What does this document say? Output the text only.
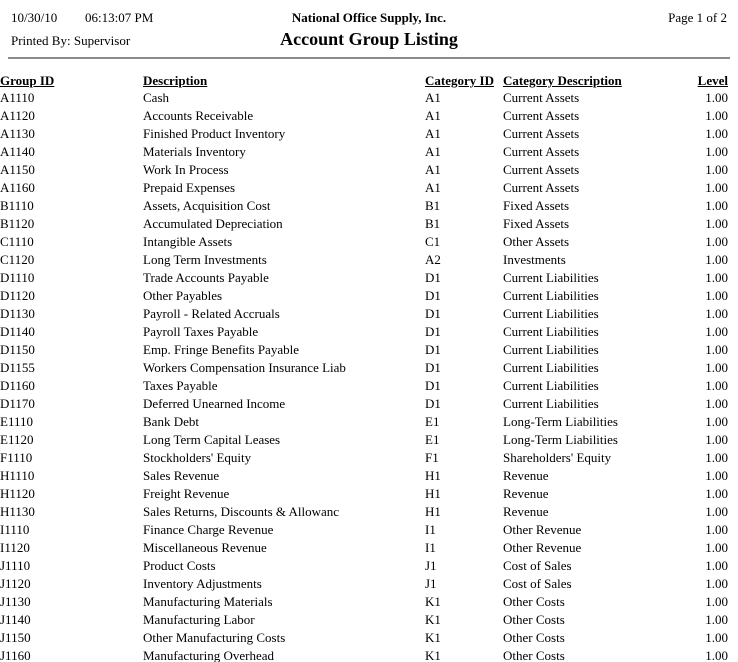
10/30/10 06:13:07 PM	National Office Supply, Inc.	Page 1 of 2
Printed By: Supervisor	Account Group Listing
Group ID	Description	Category ID	Category Description	Level
A1110	Cash	A1	Current Assets	1.00
A1120	Accounts Receivable	A1	Current Assets	1.00
A1130	Finished Product Inventory	A1	Current Assets	1.00
A1140	Materials Inventory	A1	Current Assets	1.00
A1150	Work In Process	A1	Current Assets	1.00
A1160	Prepaid Expenses	A1	Current Assets	1.00
B1110	Assets, Acquisition Cost	B1	Fixed Assets	1.00
B1120	Accumulated Depreciation	B1	Fixed Assets	1.00
C1110	Intangible Assets	C1	Other Assets	1.00
C1120	Long Term Investments	A2	Investments	1.00
D1110	Trade Accounts Payable	D1	Current Liabilities	1.00
D1120	Other Payables	D1	Current Liabilities	1.00
D1130	Payroll - Related Accruals	D1	Current Liabilities	1.00
D1140	Payroll Taxes Payable	D1	Current Liabilities	1.00
D1150	Emp. Fringe Benefits Payable	D1	Current Liabilities	1.00
D1155	Workers Compensation Insurance Liab	D1	Current Liabilities	1.00
D1160	Taxes Payable	D1	Current Liabilities	1.00
D1170	Deferred Unearned Income	D1	Current Liabilities	1.00
E1110	Bank Debt	E1	Long-Term Liabilities	1.00
E1120	Long Term Capital Leases	E1	Long-Term Liabilities	1.00
F1110	Stockholders' Equity	F1	Shareholders' Equity	1.00
H1110	Sales Revenue	H1	Revenue	1.00
H1120	Freight Revenue	H1	Revenue	1.00
H1130	Sales Returns, Discounts & Allowanc	H1	Revenue	1.00
I1110	Finance Charge Revenue	I1	Other Revenue	1.00
I1120	Miscellaneous Revenue	I1	Other Revenue	1.00
J1110	Product Costs	J1	Cost of Sales	1.00
J1120	Inventory Adjustments	J1	Cost of Sales	1.00
J1130	Manufacturing Materials	K1	Other Costs	1.00
J1140	Manufacturing Labor	K1	Other Costs	1.00
J1150	Other Manufacturing Costs	K1	Other Costs	1.00
J1160	Manufacturing Overhead	K1	Other Costs	1.00
